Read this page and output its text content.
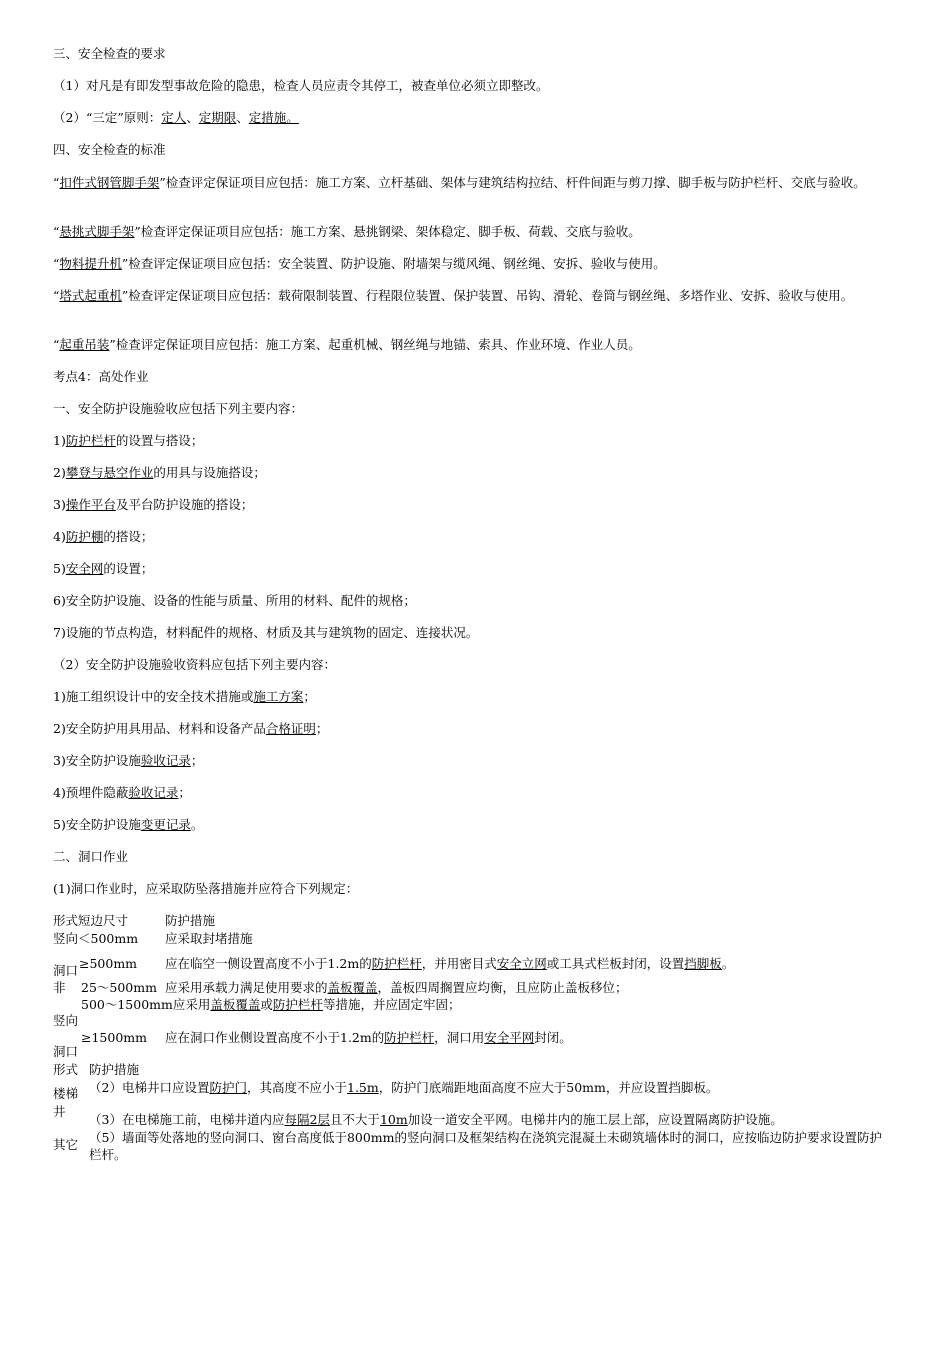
三、安全检查的要求
（1）对凡是有即发型事故危险的隐患，检查人员应责令其停工，被查单位必须立即整改。
（2）“三定”原则：定人、定期限、定措施。
四、安全检查的标准
“扣件式钢管脚手架”检查评定保证项目应包括：施工方案、立杆基础、架体与建筑结构拉结、杆件间距与剪刀撑、脚手板与防护栏杆、交底与验收。
“悬挑式脚手架”检查评定保证项目应包括：施工方案、悬挑钢梁、架体稳定、脚手板、荷载、交底与验收。
“物料提升机”检查评定保证项目应包括：安全装置、防护设施、附墙架与缆风绳、钢丝绳、安拆、验收与使用。
“塔式起重机”检查评定保证项目应包括：载荷限制装置、行程限位装置、保护装置、吊钩、滑轮、卷筒与钢丝绳、多塔作业、安拆、验收与使用。
“起重吊装”检查评定保证项目应包括：施工方案、起重机械、钢丝绳与地锚、索具、作业环境、作业人员。
考点4：高处作业
一、安全防护设施验收应包括下列主要内容：
1)防护栏杆的设置与搭设；
2)攀登与悬空作业的用具与设施搭设；
3)操作平台及平台防护设施的搭设；
4)防护棚的搭设；
5)安全网的设置；
6)安全防护设施、设备的性能与质量、所用的材料、配件的规格；
7)设施的节点构造，材料配件的规格、材质及其与建筑物的固定、连接状况。
（2）安全防护设施验收资料应包括下列主要内容：
1)施工组织设计中的安全技术措施或施工方案；
2)安全防护用具用品、材料和设备产品合格证明；
3)安全防护设施验收记录；
4)预埋件隐蔽验收记录；
5)安全防护设施变更记录。
二、洞口作业
(1)洞口作业时，应采取防坠落措施并应符合下列规定：
形式短边尺寸	防护措施
竖向＜500mm 应采取封堵措施
≥500mm 应在临空一侧设置高度不小于1.2m的防护栏杆，并用密目式安全立网或工具式栏板封闭，设置挡脚板。
洞口
非 25～500mm 应采用承载力满足使用要求的盖板覆盖，盖板四周搁置应均衡，且应防止盖板移位；
500～1500mm应采用盖板覆盖或防护栏杆等措施，并应固定牢固；
竖向
≥1500mm 应在洞口作业侧设置高度不小于1.2m的防护栏杆，洞口用安全平网封闭。
洞口
形式 防护措施
楼梯 （2）电梯井口应设置防护门，其高度不应小于1.5m，防护门底端距地面高度不应大于50mm，并应设置挡脚板。
井
（3）在电梯施工前，电梯井道内应每隔2层且不大于10m加设一道安全平网。电梯井内的施工层上部，应设置隔离防护设施。
其它 （5）墙面等处落地的竖向洞口、窗台高度低于800mm的竖向洞口及框架结构在浇筑完混凝土未砌筑墙体时的洞口，应按临边防护要求设置防护栏杆。
